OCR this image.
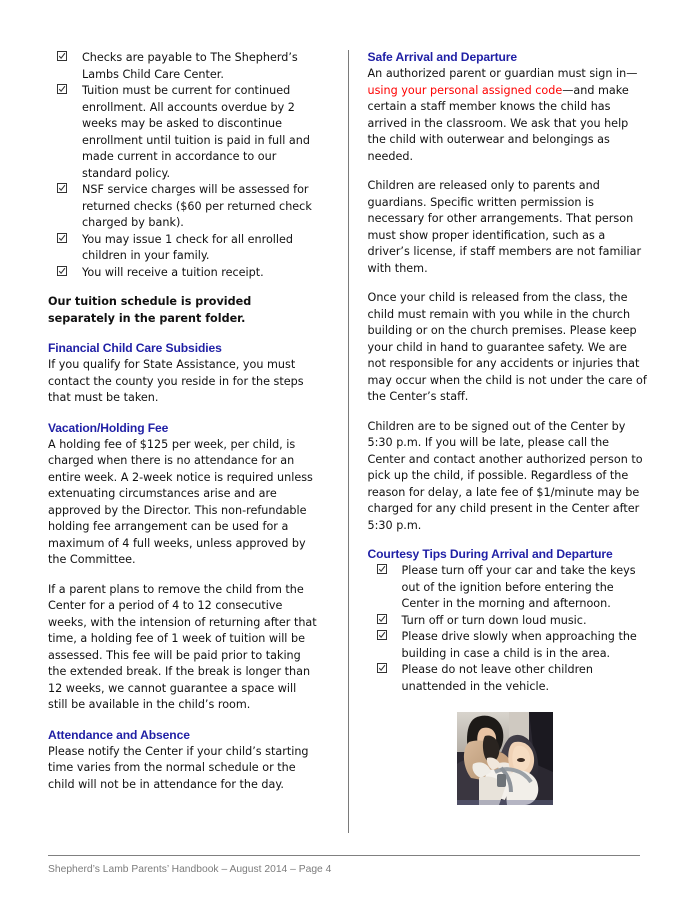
Checks are payable to The Shepherd’s Lambs Child Care Center.
Tuition must be current for continued enrollment. All accounts overdue by 2 weeks may be asked to discontinue enrollment until tuition is paid in full and made current in accordance to our standard policy.
NSF service charges will be assessed for returned checks ($60 per returned check charged by bank).
You may issue 1 check for all enrolled children in your family.
You will receive a tuition receipt.

Our tuition schedule is provided separately in the parent folder.

Financial Child Care Subsidies

If you qualify for State Assistance, you must contact the county you reside in for the steps that must be taken.

Vacation/Holding Fee

A holding fee of $125 per week, per child, is charged when there is no attendance for an entire week. A 2-week notice is required unless extenuating circumstances arise and are approved by the Director. This non-refundable holding fee arrangement can be used for a maximum of 4 full weeks, unless approved by the Committee.

If a parent plans to remove the child from the Center for a period of 4 to 12 consecutive weeks, with the intension of returning after that time, a holding fee of 1 week of tuition will be assessed. This fee will be paid prior to taking the extended break. If the break is longer than 12 weeks, we cannot guarantee a space will still be available in the child’s room.

Attendance and Absence

Please notify the Center if your child’s starting time varies from the normal schedule or the child will not be in attendance for the day.

Safe Arrival and Departure

An authorized parent or guardian must sign in—using your personal assigned code—and make certain a staff member knows the child has arrived in the classroom. We ask that you help the child with outerwear and belongings as needed.

Children are released only to parents and guardians. Specific written permission is necessary for other arrangements. That person must show proper identification, such as a driver’s license, if staff members are not familiar with them.

Once your child is released from the class, the child must remain with you while in the church building or on the church premises. Please keep your child in hand to guarantee safety. We are not responsible for any accidents or injuries that may occur when the child is not under the care of the Center’s staff.

Children are to be signed out of the Center by 5:30 p.m. If you will be late, please call the Center and contact another authorized person to pick up the child, if possible. Regardless of the reason for delay, a late fee of $1/minute may be charged for any child present in the Center after 5:30 p.m.

Courtesy Tips During Arrival and Departure
Please turn off your car and take the keys out of the ignition before entering the Center in the morning and afternoon.
Turn off or turn down loud music.
Please drive slowly when approaching the building in case a child is in the area.
Please do not leave other children unattended in the vehicle.
Shepherd’s Lamb Parents’ Handbook – August 2014 – Page 4
